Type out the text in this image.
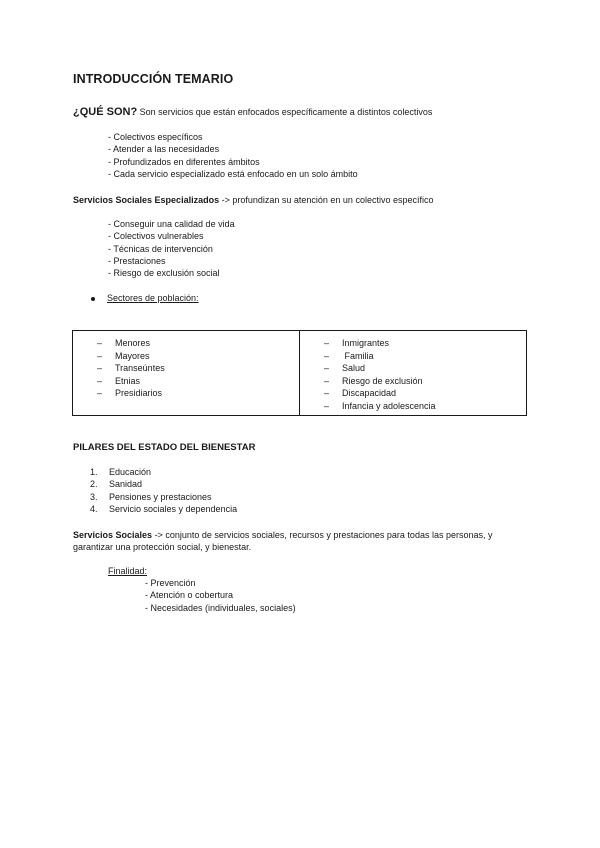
INTRODUCCIÓN TEMARIO
¿QUÉ SON? Son servicios que están enfocados específicamente a distintos colectivos
- Colectivos específicos
- Atender a las necesidades
- Profundizados en diferentes ámbitos
- Cada servicio especializado está enfocado en un solo ámbito
Servicios Sociales Especializados -> profundizan su atención en un colectivo específico
- Conseguir una calidad de vida
- Colectivos vulnerables
- Técnicas de intervención
- Prestaciones
- Riesgo de exclusión social
Sectores de población:
– Menores
– Mayores
– Transeúntes
– Etnias
– Presidiarios

– Inmigrantes
– Familia
– Salud
– Riesgo de exclusión
– Discapacidad
– Infancia y adolescencia
PILARES DEL ESTADO DEL BIENESTAR
1. Educación
2. Sanidad
3. Pensiones y prestaciones
4. Servicio sociales y dependencia
Servicios Sociales -> conjunto de servicios sociales, recursos y prestaciones para todas las personas, y garantizar una protección social, y bienestar.
Finalidad:
- Prevención
- Atención o cobertura
- Necesidades (individuales, sociales)
